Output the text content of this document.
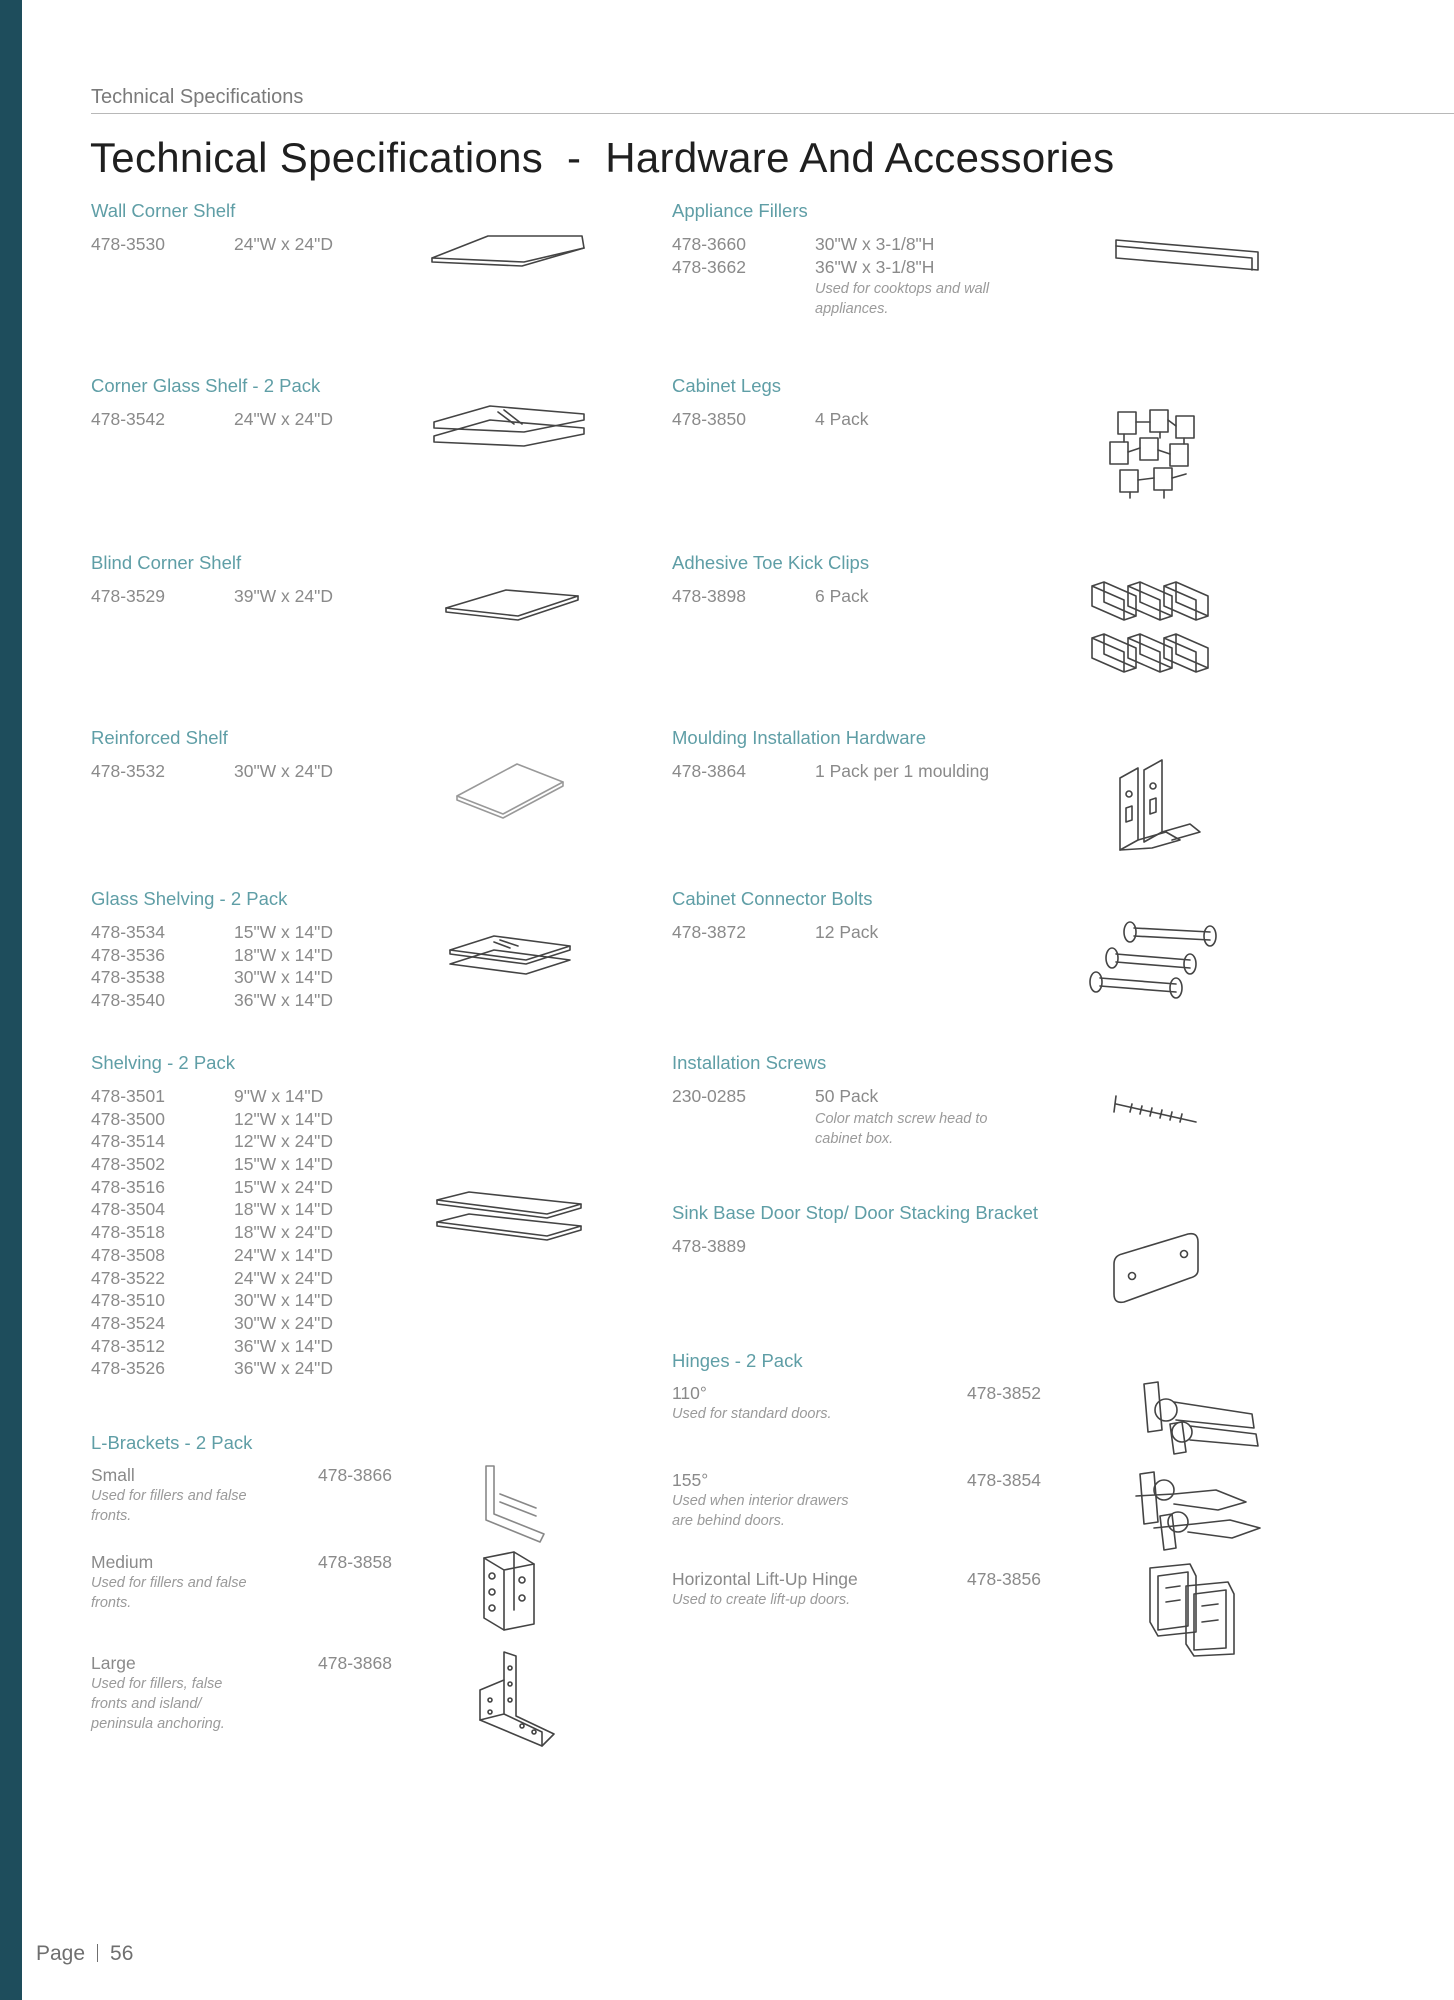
Technical Specifications
Technical Specifications  -  Hardware And Accessories
Wall Corner Shelf
478-3530	24"W x 24"D
Corner Glass Shelf - 2 Pack
478-3542	24"W x 24"D
Blind Corner Shelf
478-3529	39"W x 24"D
Reinforced Shelf
478-3532	30"W x 24"D
Glass Shelving - 2 Pack
478-3534	15"W x 14"D
478-3536	18"W x 14"D
478-3538	30"W x 14"D
478-3540	36"W x 14"D
Shelving - 2 Pack
478-3501	9"W x 14"D
478-3500	12"W x 14"D
478-3514	12"W x 24"D
478-3502	15"W x 14"D
478-3516	15"W x 24"D
478-3504	18"W x 14"D
478-3518	18"W x 24"D
478-3508	24"W x 14"D
478-3522	24"W x 24"D
478-3510	30"W x 14"D
478-3524	30"W x 24"D
478-3512	36"W x 14"D
478-3526	36"W x 24"D
L-Brackets - 2 Pack
Small
Used for fillers and false
fronts.
478-3866
Medium
Used for fillers and false
fronts.
478-3858
Large
Used for fillers, false
fronts and island/
peninsula anchoring.
478-3868
Appliance Fillers
478-3660	30"W x 3-1/8"H
478-3662	36"W x 3-1/8"H
Used for cooktops and wall
appliances.
Cabinet Legs
478-3850	4 Pack
Adhesive Toe Kick Clips
478-3898	6 Pack
Moulding Installation Hardware
478-3864	1 Pack per 1 moulding
Cabinet Connector Bolts
478-3872	12 Pack
Installation Screws
230-0285	50 Pack
Color match screw head to
cabinet box.
Sink Base Door Stop/ Door Stacking Bracket
478-3889
Hinges - 2 Pack
110°
Used for standard doors.
478-3852
155°
Used when interior drawers
are behind doors.
478-3854
Horizontal Lift-Up Hinge
Used to create lift-up doors.
478-3856
Page 56
